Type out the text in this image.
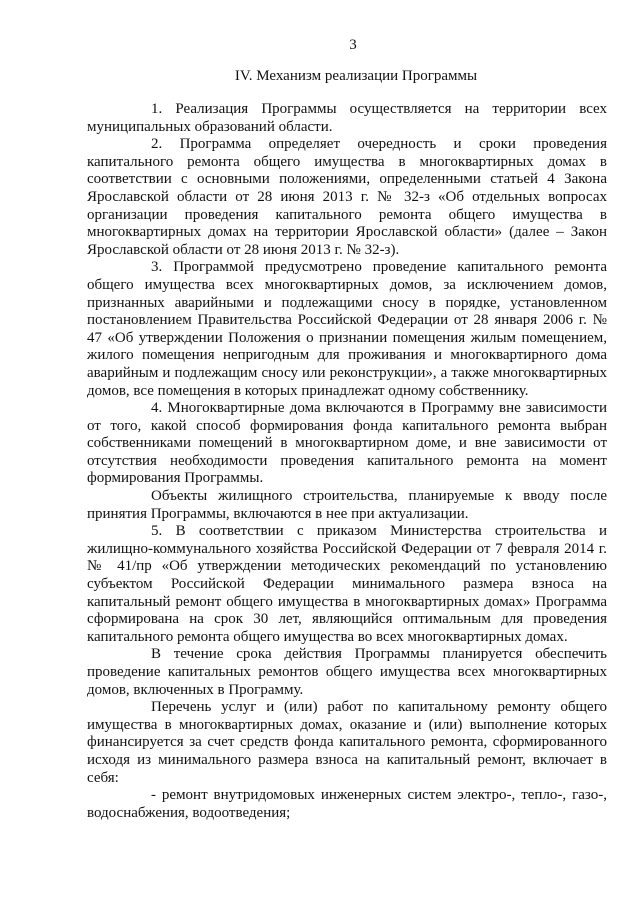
3
IV. Механизм реализации Программы

1. Реализация Программы осуществляется на территории всех муниципальных образований области.

2. Программа определяет очередность и сроки проведения капитального ремонта общего имущества в многоквартирных домах в соответствии с основными положениями, определенными статьей 4 Закона Ярославской области от 28 июня 2013 г. № 32-з «Об отдельных вопросах организации проведения капитального ремонта общего имущества в многоквартирных домах на территории Ярославской области» (далее – Закон Ярославской области от 28 июня 2013 г. № 32-з).

3. Программой предусмотрено проведение капитального ремонта общего имущества всех многоквартирных домов, за исключением домов, признанных аварийными и подлежащими сносу в порядке, установленном постановлением Правительства Российской Федерации от 28 января 2006 г. № 47 «Об утверждении Положения о признании помещения жилым помещением, жилого помещения непригодным для проживания и многоквартирного дома аварийным и подлежащим сносу или реконструкции», а также многоквартирных домов, все помещения в которых принадлежат одному собственнику.

4. Многоквартирные дома включаются в Программу вне зависимости от того, какой способ формирования фонда капитального ремонта выбран собственниками помещений в многоквартирном доме, и вне зависимости от отсутствия необходимости проведения капитального ремонта на момент формирования Программы.

Объекты жилищного строительства, планируемые к вводу после принятия Программы, включаются в нее при актуализации.

5. В соответствии с приказом Министерства строительства и жилищно-коммунального хозяйства Российской Федерации от 7 февраля 2014 г. № 41/пр «Об утверждении методических рекомендаций по установлению субъектом Российской Федерации минимального размера взноса на капитальный ремонт общего имущества в многоквартирных домах» Программа сформирована на срок 30 лет, являющийся оптимальным для проведения капитального ремонта общего имущества во всех многоквартирных домах.

В течение срока действия Программы планируется обеспечить проведение капитальных ремонтов общего имущества всех многоквартирных домов, включенных в Программу.

Перечень услуг и (или) работ по капитальному ремонту общего имущества в многоквартирных домах, оказание и (или) выполнение которых финансируется за счет средств фонда капитального ремонта, сформированного исходя из минимального размера взноса на капитальный ремонт, включает в себя:

- ремонт внутридомовых инженерных систем электро-, тепло-, газо-, водоснабжения, водоотведения;
